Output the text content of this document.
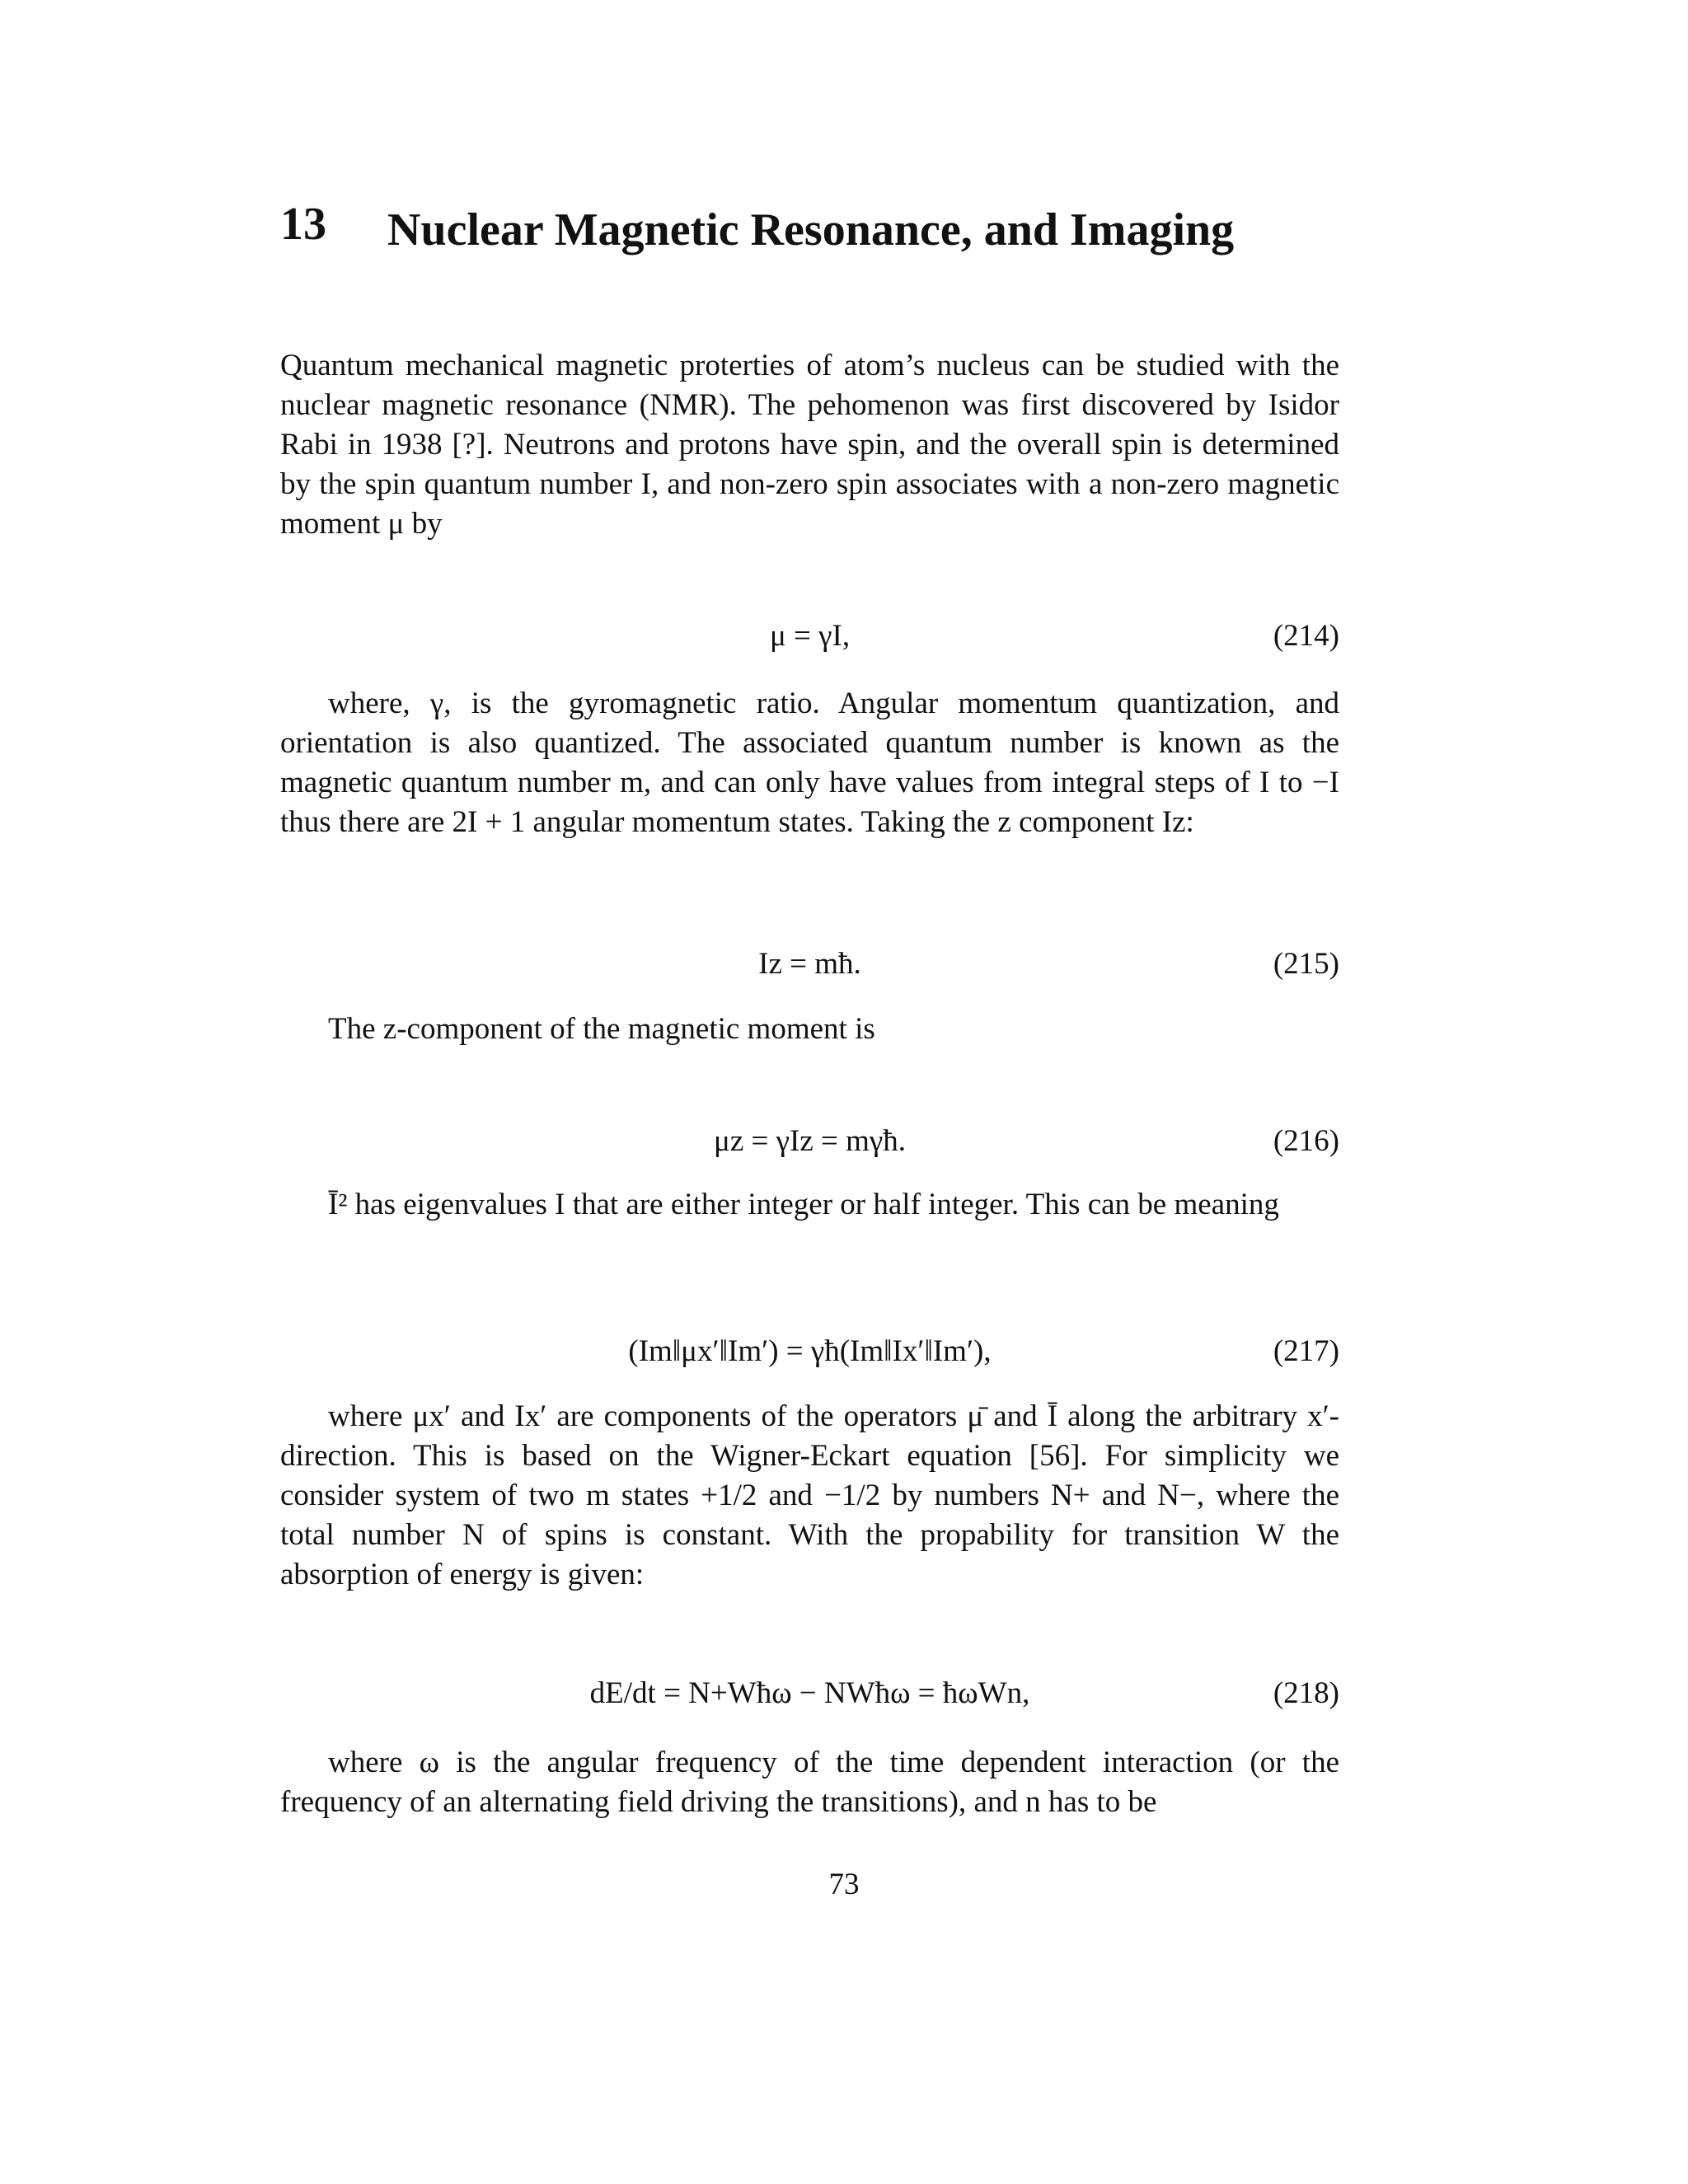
13 Nuclear Magnetic Resonance, and Imaging

Quantum mechanical magnetic proterties of atom’s nucleus can be studied with the nuclear magnetic resonance (NMR). The pehomenon was first discovered by Isidor Rabi in 1938 [?]. Neutrons and protons have spin, and the overall spin is determined by the spin quantum number I, and non-zero spin associates with a non-zero magnetic moment μ by

μ = γI,	(214)

where, γ, is the gyromagnetic ratio. Angular momentum quantization, and orientation is also quantized. The associated quantum number is known as the magnetic quantum number m, and can only have values from integral steps of I to −I thus there are 2I + 1 angular momentum states. Taking the z component Iz:

Iz = mħ.	(215)

The z-component of the magnetic moment is

μz = γIz = mγħ.	(216)

Ī² has eigenvalues I that are either integer or half integer. This can be meaning

(Im‖μx′‖Im′) = γħ(Im‖Ix′‖Im′),	(217)

where μx′ and Ix′ are components of the operators μ̄ and Ī along the arbitrary x′-direction. This is based on the Wigner-Eckart equation [56]. For simplicity we consider system of two m states +1/2 and −1/2 by numbers N+ and N−, where the total number N of spins is constant. With the propability for transition W the absorption of energy is given:

dE/dt = N+Wħω − NWħω = ħωWn,	(218)

where ω is the angular frequency of the time dependent interaction (or the frequency of an alternating field driving the transitions), and n has to be

73
